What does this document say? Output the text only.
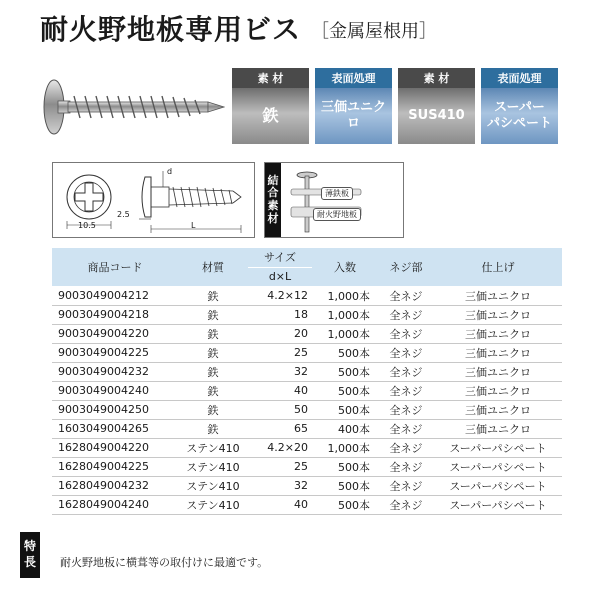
耐火野地板専用ビス ［金属屋根用］
素 材
鉄
表面処理
三価ユニクロ
素 材
SUS410
表面処理
スーパー
パシペート
10.5
2.5
d
L
結
合
素
材
薄鉄板
耐火野地板
商品コード	材質	サイズ	入数	ネジ部	仕上げ
		d×L			
9003049004212	鉄	4.2×12	1,000本	全ネジ	三価ユニクロ
9003049004218	鉄	18	1,000本	全ネジ	三価ユニクロ
9003049004220	鉄	20	1,000本	全ネジ	三価ユニクロ
9003049004225	鉄	25	500本	全ネジ	三価ユニクロ
9003049004232	鉄	32	500本	全ネジ	三価ユニクロ
9003049004240	鉄	40	500本	全ネジ	三価ユニクロ
9003049004250	鉄	50	500本	全ネジ	三価ユニクロ
1603049004265	鉄	65	400本	全ネジ	三価ユニクロ
1628049004220	ステン410	4.2×20	1,000本	全ネジ	スーパーパシペート
1628049004225	ステン410	25	500本	全ネジ	スーパーパシペート
1628049004232	ステン410	32	500本	全ネジ	スーパーパシペート
1628049004240	ステン410	40	500本	全ネジ	スーパーパシペート
特
長 耐火野地板に横葺等の取付けに最適です。
